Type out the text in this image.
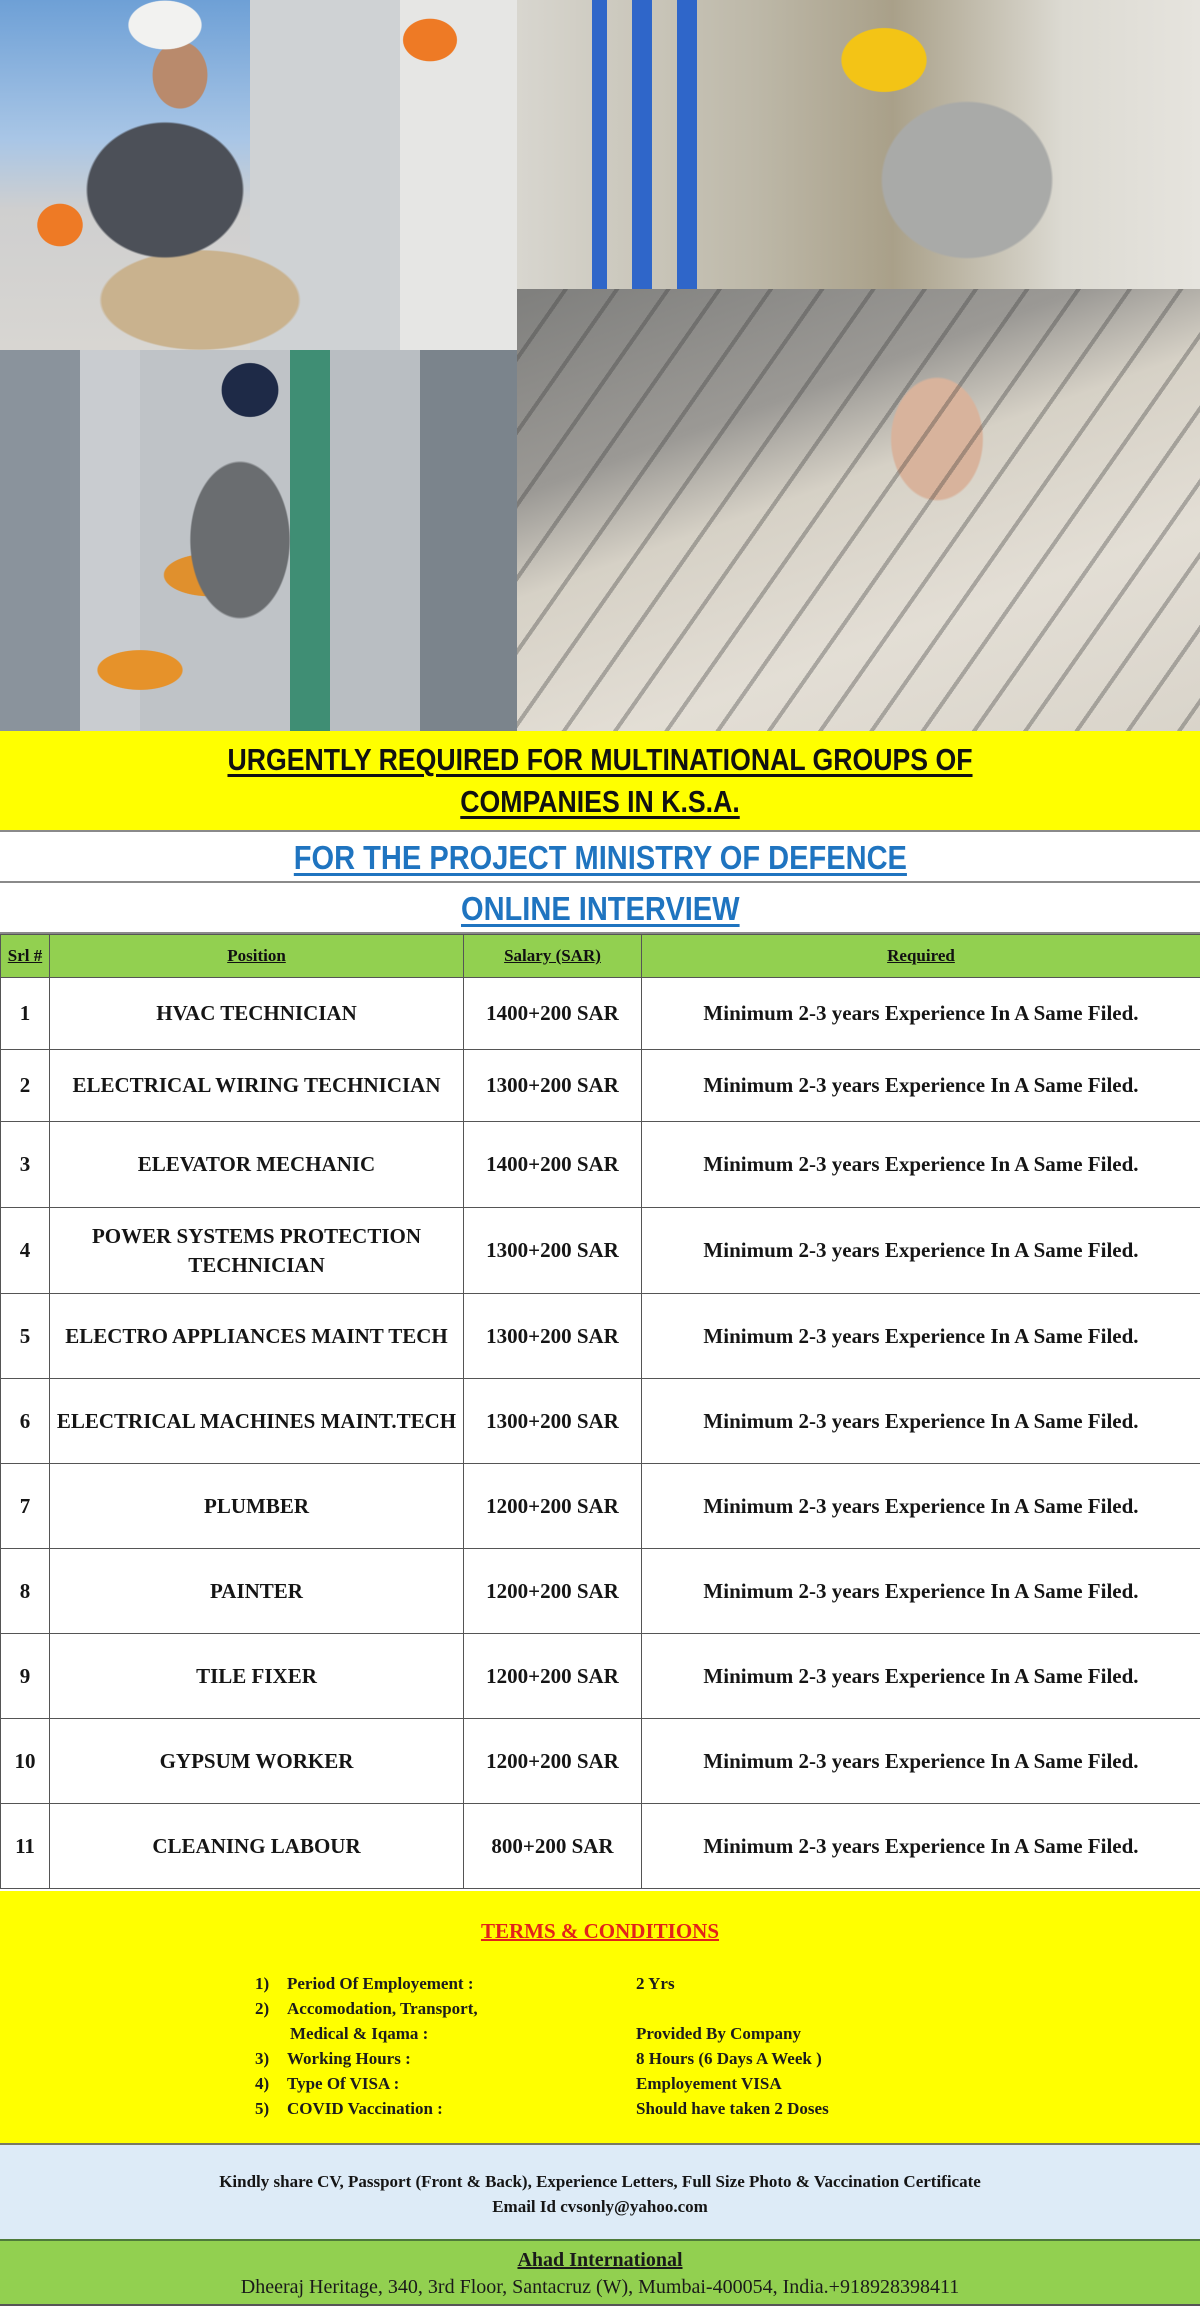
URGENTLY REQUIRED FOR MULTINATIONAL GROUPS OF
COMPANIES IN K.S.A.
FOR THE PROJECT MINISTRY OF DEFENCE
ONLINE INTERVIEW
Srl #	Position	Salary (SAR)	Required
1	HVAC TECHNICIAN	1400+200 SAR	Minimum 2-3 years Experience In A Same Filed.
2	ELECTRICAL WIRING TECHNICIAN	1300+200 SAR	Minimum 2-3 years Experience In A Same Filed.
3	ELEVATOR MECHANIC	1400+200 SAR	Minimum 2-3 years Experience In A Same Filed.
4	POWER SYSTEMS PROTECTION TECHNICIAN	1300+200 SAR	Minimum 2-3 years Experience In A Same Filed.
5	ELECTRO APPLIANCES MAINT TECH	1300+200 SAR	Minimum 2-3 years Experience In A Same Filed.
6	ELECTRICAL MACHINES MAINT.TECH	1300+200 SAR	Minimum 2-3 years Experience In A Same Filed.
7	PLUMBER	1200+200 SAR	Minimum 2-3 years Experience In A Same Filed.
8	PAINTER	1200+200 SAR	Minimum 2-3 years Experience In A Same Filed.
9	TILE FIXER	1200+200 SAR	Minimum 2-3 years Experience In A Same Filed.
10	GYPSUM WORKER	1200+200 SAR	Minimum 2-3 years Experience In A Same Filed.
11	CLEANING LABOUR	800+200 SAR	Minimum 2-3 years Experience In A Same Filed.
TERMS & CONDITIONS
1)	Period Of Employement :	2 Yrs
2)	Accomodation, Transport,
Medical & Iqama :	Provided By Company
3)	Working Hours :	8 Hours (6 Days A Week )
4)	Type Of VISA :	Employement VISA
5)	COVID Vaccination :	Should have taken 2 Doses
Kindly share CV, Passport (Front & Back), Experience Letters, Full Size Photo & Vaccination Certificate
Email Id cvsonly@yahoo.com
Ahad International
Dheeraj Heritage, 340, 3rd Floor, Santacruz (W), Mumbai-400054, India.+918928398411
